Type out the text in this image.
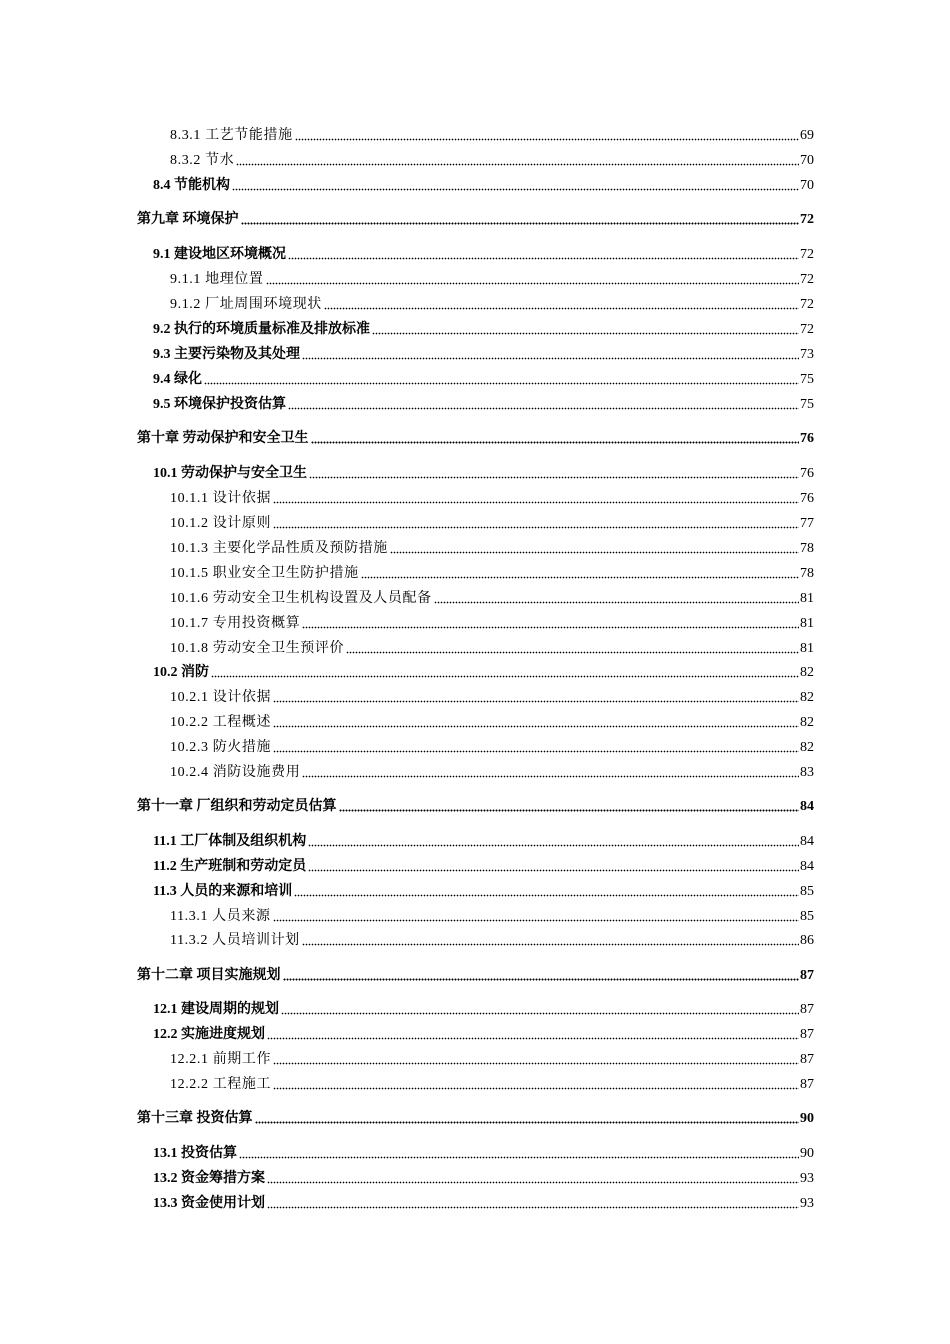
8.3.1 工艺节能措施	69
8.3.2 节水	70
8.4 节能机构	70
第九章 环境保护	72
9.1 建设地区环境概况	72
9.1.1 地理位置	72
9.1.2 厂址周围环境现状	72
9.2 执行的环境质量标准及排放标准	72
9.3 主要污染物及其处理	73
9.4 绿化	75
9.5 环境保护投资估算	75
第十章 劳动保护和安全卫生	76
10.1 劳动保护与安全卫生	76
10.1.1 设计依据	76
10.1.2 设计原则	77
10.1.3 主要化学品性质及预防措施	78
10.1.5 职业安全卫生防护措施	78
10.1.6 劳动安全卫生机构设置及人员配备	81
10.1.7 专用投资概算	81
10.1.8 劳动安全卫生预评价	81
10.2 消防	82
10.2.1 设计依据	82
10.2.2 工程概述	82
10.2.3 防火措施	82
10.2.4 消防设施费用	83
第十一章 厂组织和劳动定员估算	84
11.1 工厂体制及组织机构	84
11.2 生产班制和劳动定员	84
11.3 人员的来源和培训	85
11.3.1 人员来源	85
11.3.2 人员培训计划	86
第十二章 项目实施规划	87
12.1 建设周期的规划	87
12.2 实施进度规划	87
12.2.1 前期工作	87
12.2.2 工程施工	87
第十三章 投资估算	90
13.1 投资估算	90
13.2 资金筹措方案	93
13.3 资金使用计划	93
